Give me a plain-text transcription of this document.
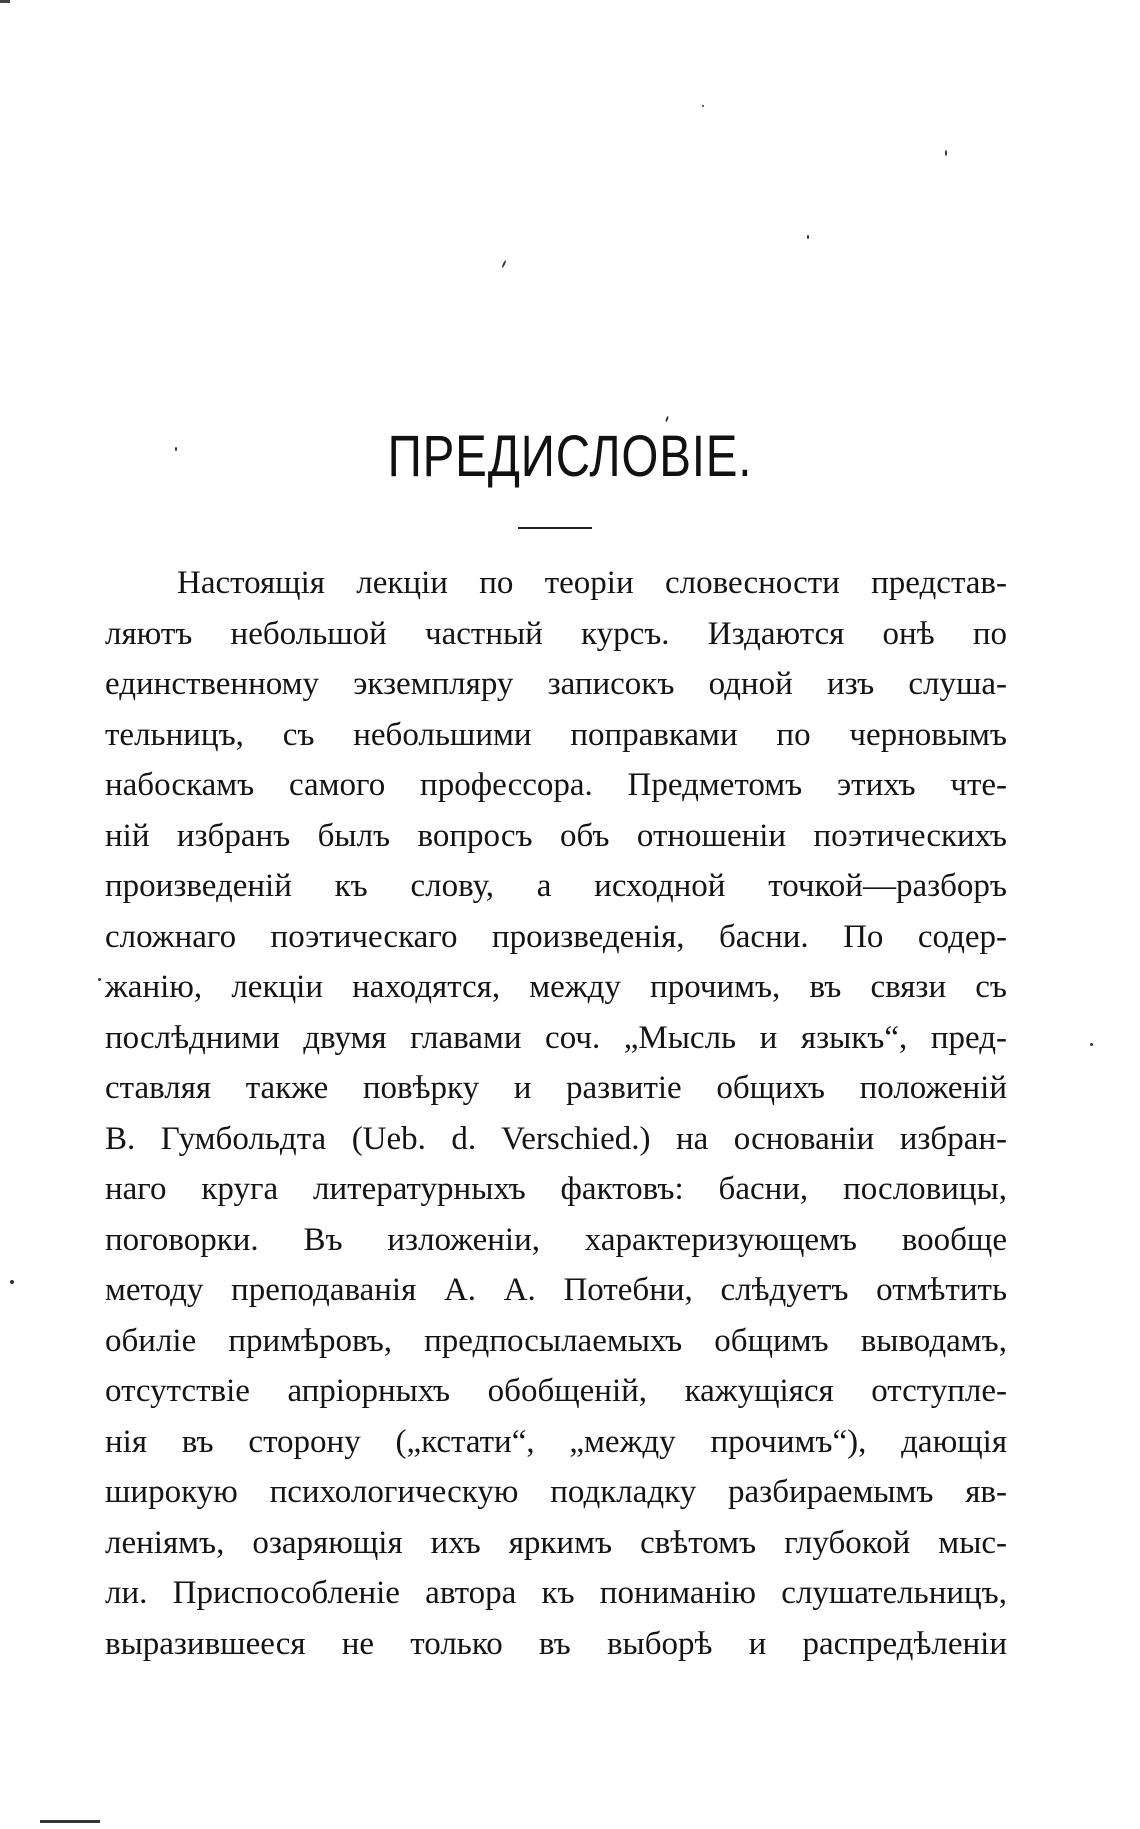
ПРЕДИСЛОВІЕ.
Настоящія лекціи по теоріи словесности представ-
ляютъ небольшой частный курсъ. Издаются онѣ по
единственному экземпляру записокъ одной изъ слуша-
тельницъ, съ небольшими поправками по черновымъ
набоскамъ самого профессора. Предметомъ этихъ чте-
ній избранъ былъ вопросъ объ отношеніи поэтическихъ
произведеній къ слову, а исходной точкой—разборъ
сложнаго поэтическаго произведенія, басни. По содер-
жанію, лекціи находятся, между прочимъ, въ связи съ
послѣдними двумя главами соч. „Мысль и языкъ“, пред-
ставляя также повѣрку и развитіе общихъ положеній
В. Гумбольдта (Ueb. d. Verschied.) на основаніи избран-
наго круга литературныхъ фактовъ: басни, пословицы,
поговорки. Въ изложеніи, характеризующемъ вообще
методу преподаванія А. А. Потебни, слѣдуетъ отмѣтить
обиліе примѣровъ, предпосылаемыхъ общимъ выводамъ,
отсутствіе апріорныхъ обобщеній, кажущіяся отступле-
нія въ сторону („кстати“, „между прочимъ“), дающія
широкую психологическую подкладку разбираемымъ яв-
леніямъ, озаряющія ихъ яркимъ свѣтомъ глубокой мыс-
ли. Приспособленіе автора къ пониманію слушательницъ,
выразившееся не только въ выборѣ и распредѣленіи
